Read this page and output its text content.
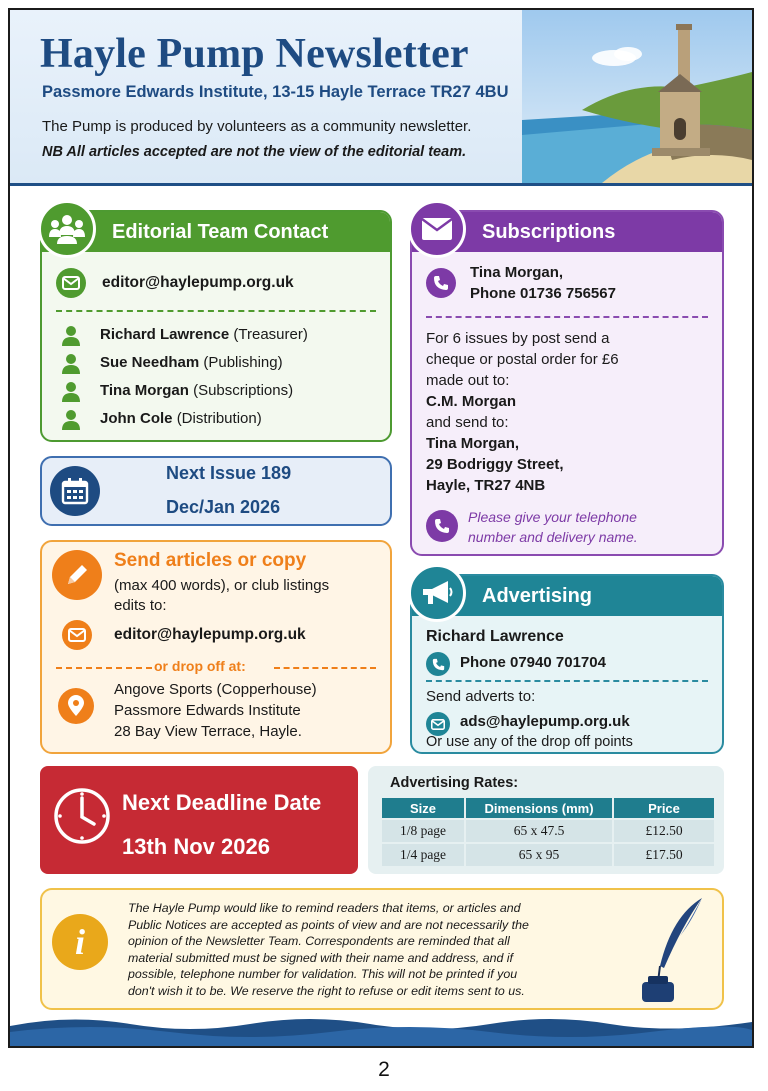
Hayle Pump Newsletter
Passmore Edwards Institute, 13-15 Hayle Terrace TR27 4BU
The Pump is produced by volunteers as a community newsletter.
NB All articles accepted are not the view of the editorial team.
Editorial Team Contact
editor@haylepump.org.uk
Richard Lawrence (Treasurer)
Sue Needham (Publishing)
Tina Morgan (Subscriptions)
John Cole (Distribution)
Next Issue 189
Dec/Jan 2026
Send articles or copy
(max 400 words), or club listings
edits to:
editor@haylepump.org.uk
or drop off at:
Angove Sports (Copperhouse)
Passmore Edwards Institute
28 Bay View Terrace, Hayle.
Subscriptions
Tina Morgan,
Phone 01736 756567
For 6 issues by post send a
cheque or postal order for £6
made out to:
C.M. Morgan
and send to:
Tina Morgan,
29 Bodriggy Street,
Hayle, TR27 4NB
Please give your telephone
number and delivery name.
Advertising
Richard Lawrence
Phone 07940 701704
Send adverts to:
ads@haylepump.org.uk
Or use any of the drop off points
Next Deadline Date
13th Nov 2026
Advertising Rates:
Size	Dimensions (mm)	Price
1/8 page	65 x 47.5	£12.50
1/4 page	65 x 95	£17.50
i
The Hayle Pump would like to remind readers that items, or articles and
Public Notices are accepted as points of view and are not necessarily the
opinion of the Newsletter Team. Correspondents are reminded that all
material submitted must be signed with their name and address, and if
possible, telephone number for validation. This will not be printed if you
don't wish it to be. We reserve the right to refuse or edit items sent to us.
2
